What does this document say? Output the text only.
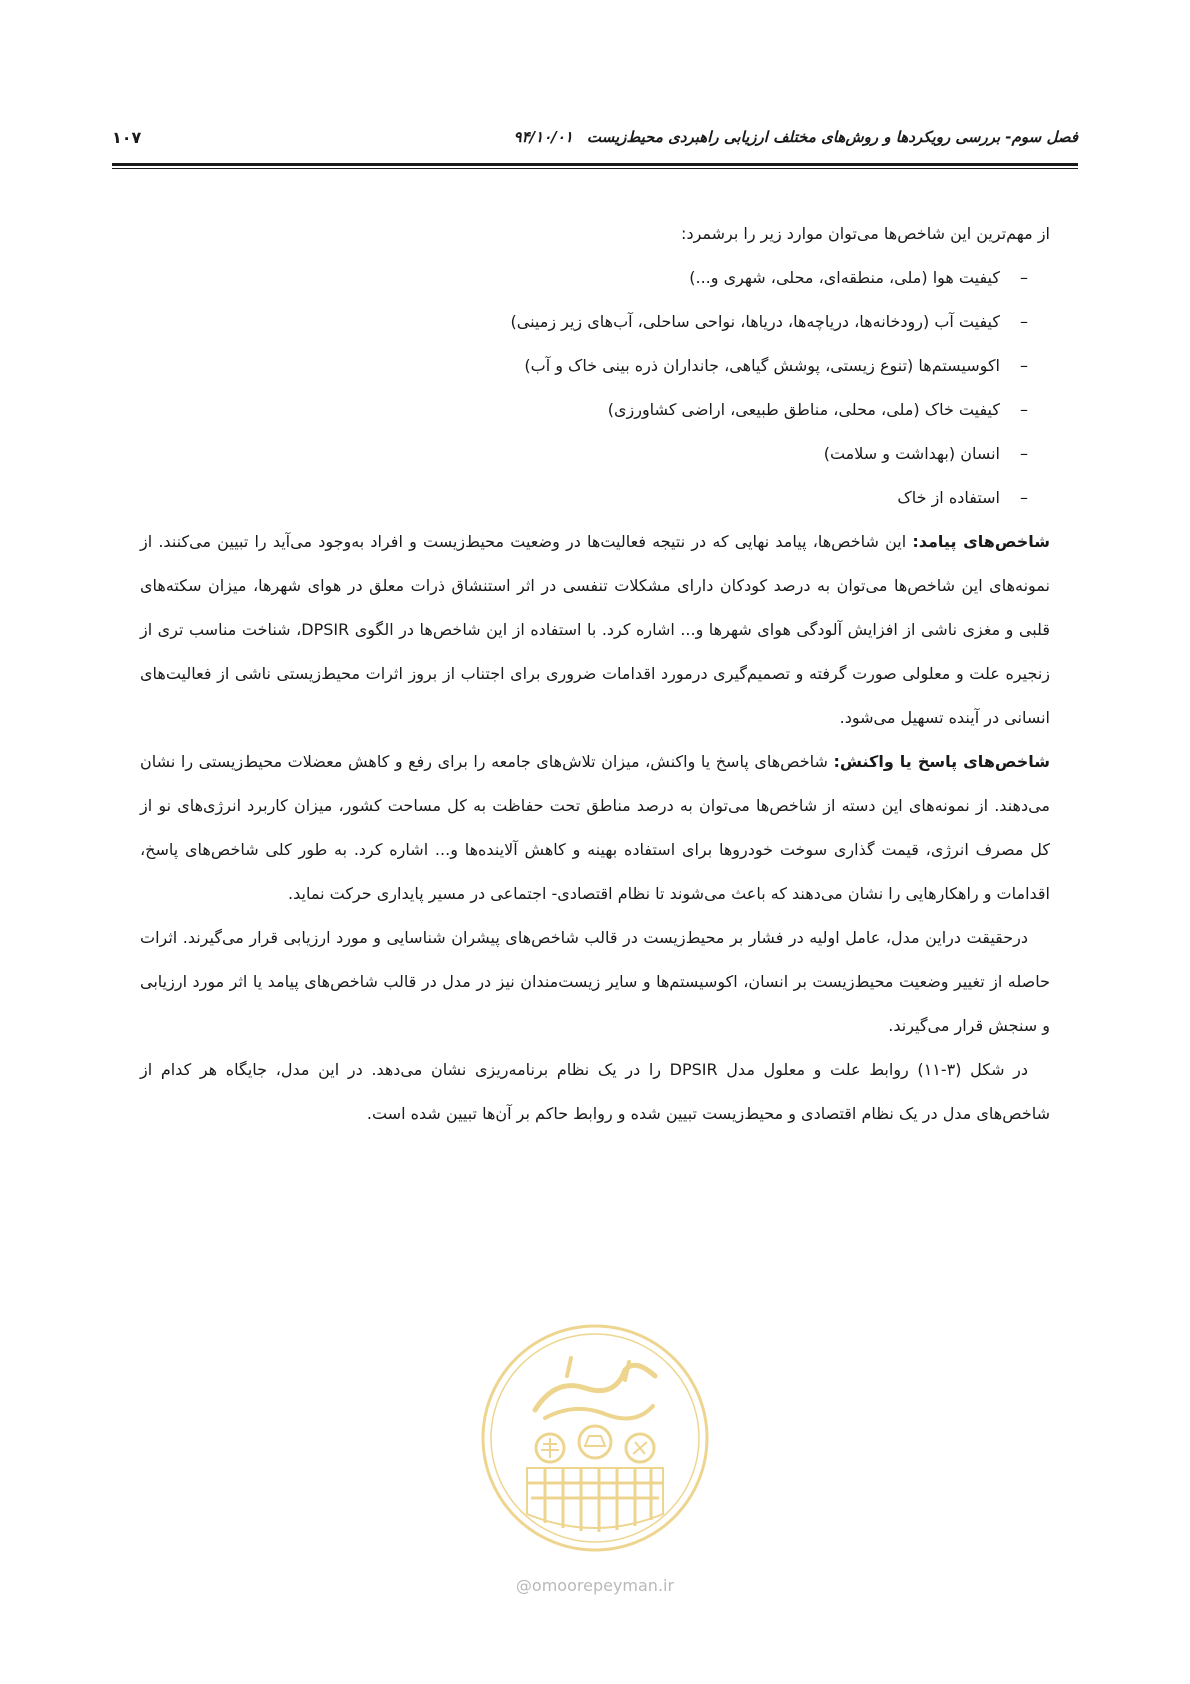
فصل سوم- بررسی رویکردها و روش‌های مختلف ارزیابی راهبردی محیط‌زیست۹۴/۱۰/۰۱
۱۰۷

از مهم‌ترین این شاخص‌ها می‌توان موارد زیر را برشمرد:

–
کیفیت هوا (ملی، منطقه‌ای، محلی، شهری و...)
–
کیفیت آب (رودخانه‌ها، دریاچه‌ها، دریاها، نواحی ساحلی، آب‌های زیر زمینی)
–
اکوسیستم‌ها (تنوع زیستی، پوشش گیاهی، جانداران ذره بینی خاک و آب)
–
کیفیت خاک (ملی، محلی، مناطق طبیعی، اراضی کشاورزی)
–
انسان (بهداشت و سلامت)
–
استفاده از خاک

شاخص‌های پیامد: این شاخص‌ها، پیامد نهایی که در نتیجه فعالیت‌ها در وضعیت محیط‌زیست و افراد به‌وجود می‌آید را تبیین می‌کنند. از نمونه‌های این شاخص‌ها می‌توان به درصد کودکان دارای مشکلات تنفسی در اثر استنشاق ذرات معلق در هوای شهرها، میزان سکته‌های قلبی و مغزی ناشی از افزایش آلودگی هوای شهرها و... اشاره کرد. با استفاده از این شاخص‌ها در الگوی DPSIR، شناخت مناسب تری از زنجیره علت و معلولی صورت گرفته و تصمیم‌گیری درمورد اقدامات ضروری برای اجتناب از بروز اثرات محیط‌زیستی ناشی از فعالیت‌های انسانی در آینده تسهیل می‌شود.

شاخص‌های پاسخ یا واکنش: شاخص‌های پاسخ یا واکنش، میزان تلاش‌های جامعه را برای رفع و کاهش معضلات محیط‌زیستی را نشان می‌دهند. از نمونه‌های این دسته از شاخص‌ها می‌توان به درصد مناطق تحت حفاظت به کل مساحت کشور، میزان کاربرد انرژی‌های نو از کل مصرف انرژی، قیمت گذاری سوخت خودروها برای استفاده بهینه و کاهش آلاینده‌ها و... اشاره کرد. به طور کلی شاخص‌های پاسخ، اقدامات و راهکارهایی را نشان می‌دهند که باعث می‌شوند تا نظام اقتصادی- اجتماعی در مسیر پایداری حرکت نماید.

درحقیقت دراین مدل، عامل اولیه در فشار بر محیط‌زیست در قالب شاخص‌های پیشران شناسایی و مورد ارزیابی قرار می‌گیرند. اثرات حاصله از تغییر وضعیت محیط‌زیست بر انسان، اکوسیستم‌ها و سایر زیست‌مندان نیز در مدل در قالب شاخص‌های پیامد یا اثر مورد ارزیابی و سنجش قرار می‌گیرند.

در شکل (۳-۱۱) روابط علت و معلول مدل DPSIR را در یک نظام برنامه‌ریزی نشان می‌دهد. در این مدل، جایگاه هر کدام از شاخص‌های مدل در یک نظام اقتصادی و محیط‌زیست تبیین شده و روابط حاکم بر آن‌ها تبیین شده است.

@omoorepeyman.ir
